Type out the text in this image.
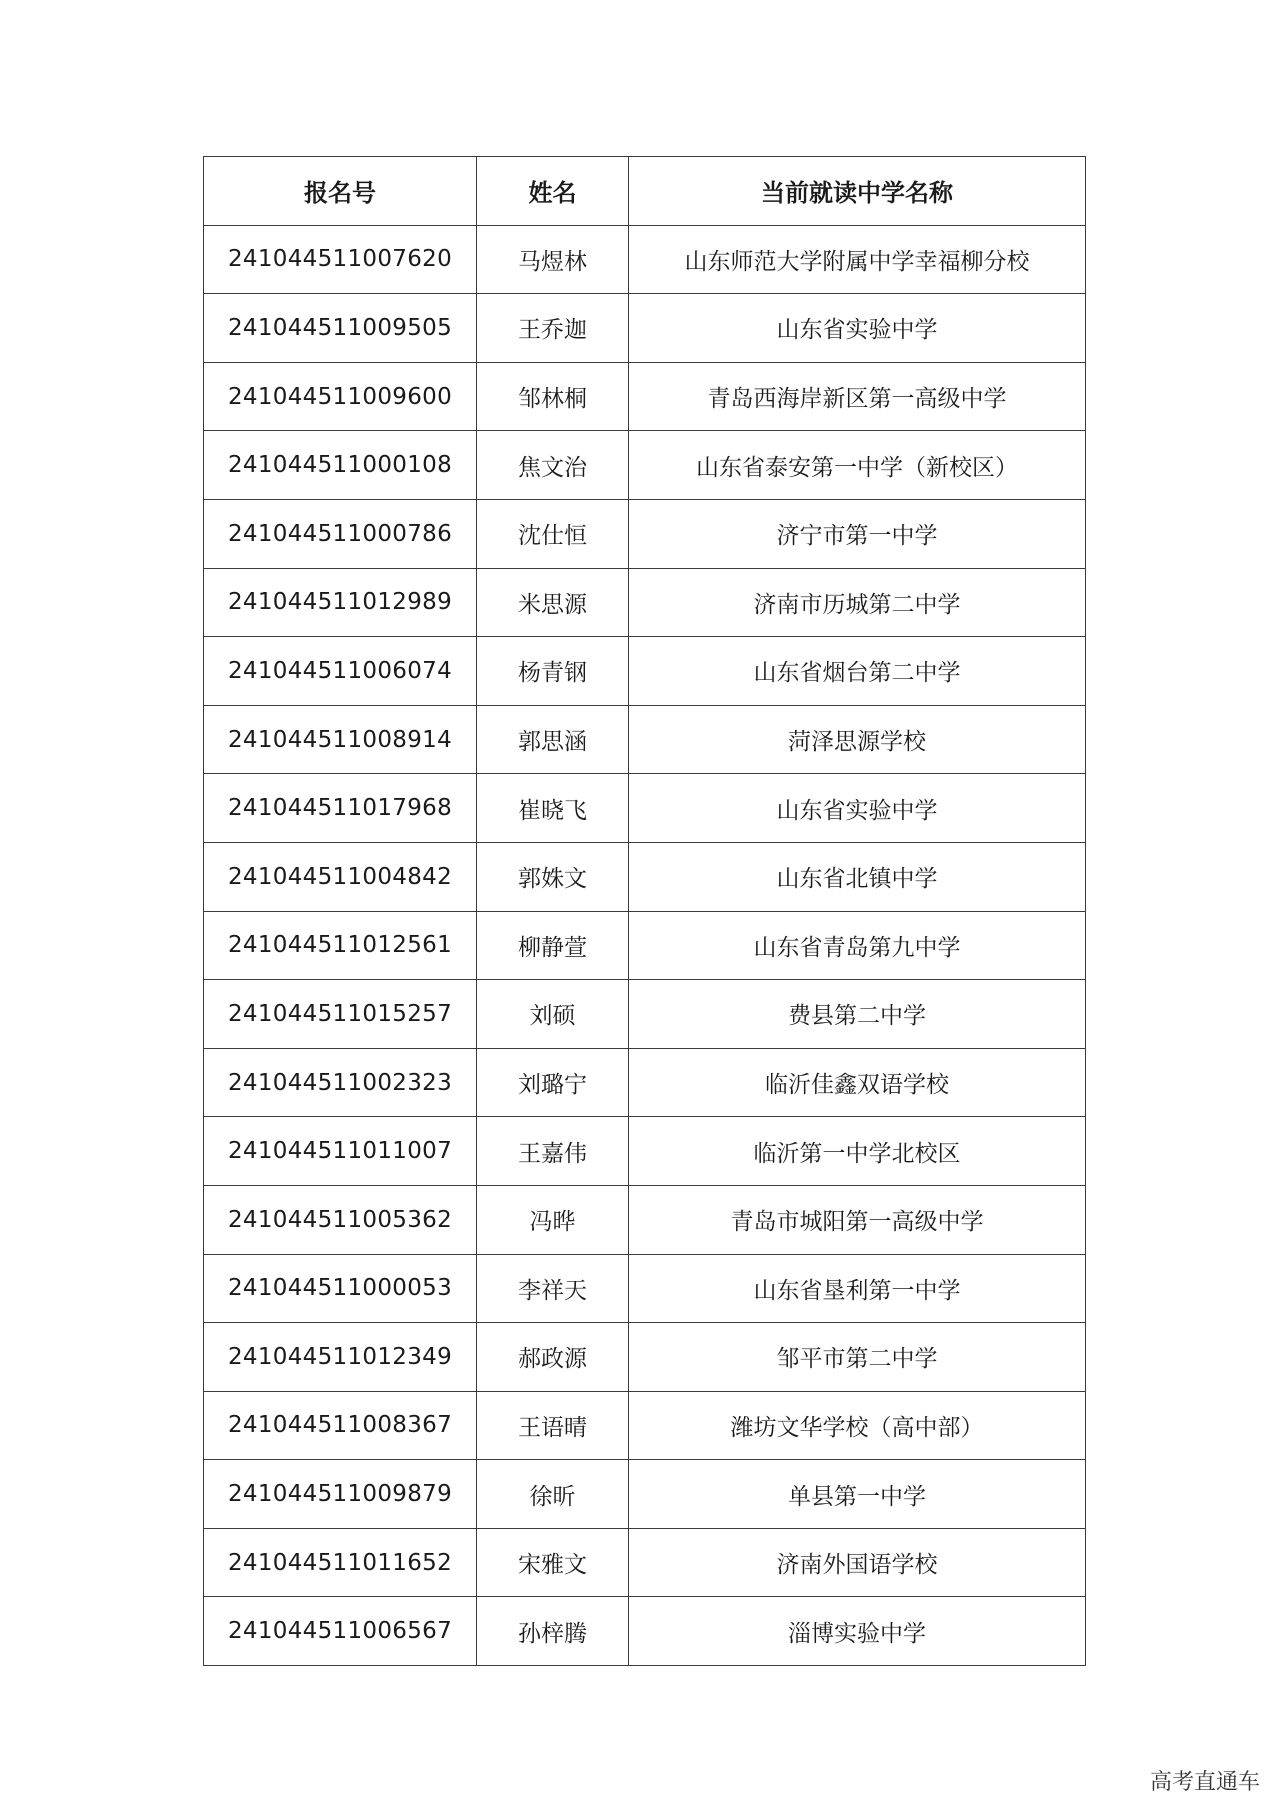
报名号	姓名	当前就读中学名称
241044511007620	马煜林	山东师范大学附属中学幸福柳分校
241044511009505	王乔迦	山东省实验中学
241044511009600	邹林桐	青岛西海岸新区第一高级中学
241044511000108	焦文治	山东省泰安第一中学（新校区）
241044511000786	沈仕恒	济宁市第一中学
241044511012989	米思源	济南市历城第二中学
241044511006074	杨青钢	山东省烟台第二中学
241044511008914	郭思涵	菏泽思源学校
241044511017968	崔晓飞	山东省实验中学
241044511004842	郭姝文	山东省北镇中学
241044511012561	柳静萱	山东省青岛第九中学
241044511015257	刘硕	费县第二中学
241044511002323	刘璐宁	临沂佳鑫双语学校
241044511011007	王嘉伟	临沂第一中学北校区
241044511005362	冯晔	青岛市城阳第一高级中学
241044511000053	李祥天	山东省垦利第一中学
241044511012349	郝政源	邹平市第二中学
241044511008367	王语晴	潍坊文华学校（高中部）
241044511009879	徐昕	单县第一中学
241044511011652	宋雅文	济南外国语学校
241044511006567	孙梓腾	淄博实验中学
高考直通车
